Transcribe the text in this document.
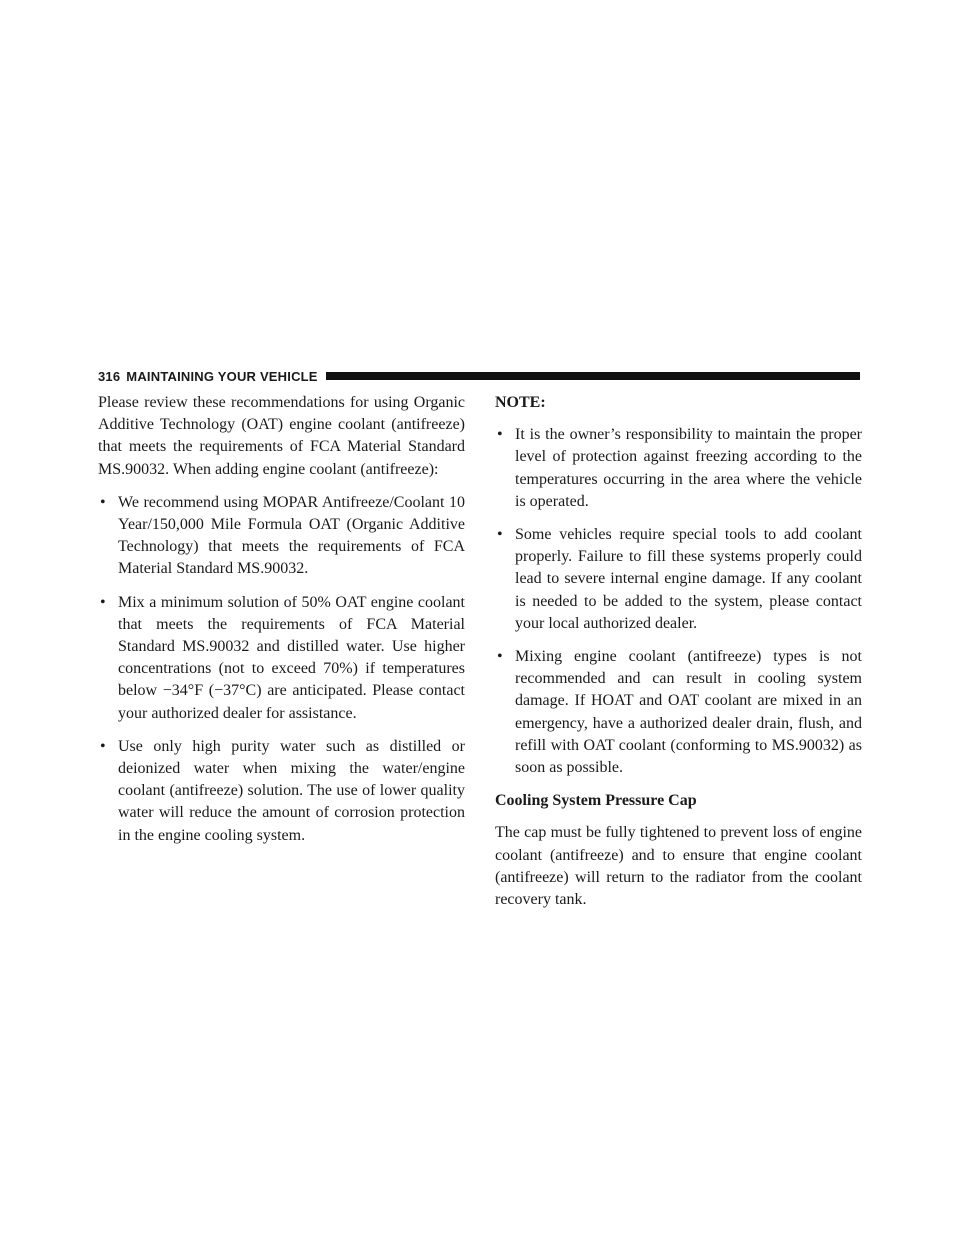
316 MAINTAINING YOUR VEHICLE

Please review these recommendations for using Organic Additive Technology (OAT) engine coolant (antifreeze) that meets the requirements of FCA Material Standard MS.90032. When adding engine coolant (antifreeze):

• We recommend using MOPAR Antifreeze/Coolant 10 Year/150,000 Mile Formula OAT (Organic Additive Technology) that meets the requirements of FCA Material Standard MS.90032.
• Mix a minimum solution of 50% OAT engine coolant that meets the requirements of FCA Material Standard MS.90032 and distilled water. Use higher concentrations (not to exceed 70%) if temperatures below −34°F (−37°C) are anticipated. Please contact your authorized dealer for assistance.
• Use only high purity water such as distilled or deionized water when mixing the water/engine coolant (antifreeze) solution. The use of lower quality water will reduce the amount of corrosion protection in the engine cooling system.

NOTE:

• It is the owner’s responsibility to maintain the proper level of protection against freezing according to the temperatures occurring in the area where the vehicle is operated.
• Some vehicles require special tools to add coolant properly. Failure to fill these systems properly could lead to severe internal engine damage. If any coolant is needed to be added to the system, please contact your local authorized dealer.
• Mixing engine coolant (antifreeze) types is not recommended and can result in cooling system damage. If HOAT and OAT coolant are mixed in an emergency, have a authorized dealer drain, flush, and refill with OAT coolant (conforming to MS.90032) as soon as possible.

Cooling System Pressure Cap

The cap must be fully tightened to prevent loss of engine coolant (antifreeze) and to ensure that engine coolant (antifreeze) will return to the radiator from the coolant recovery tank.
